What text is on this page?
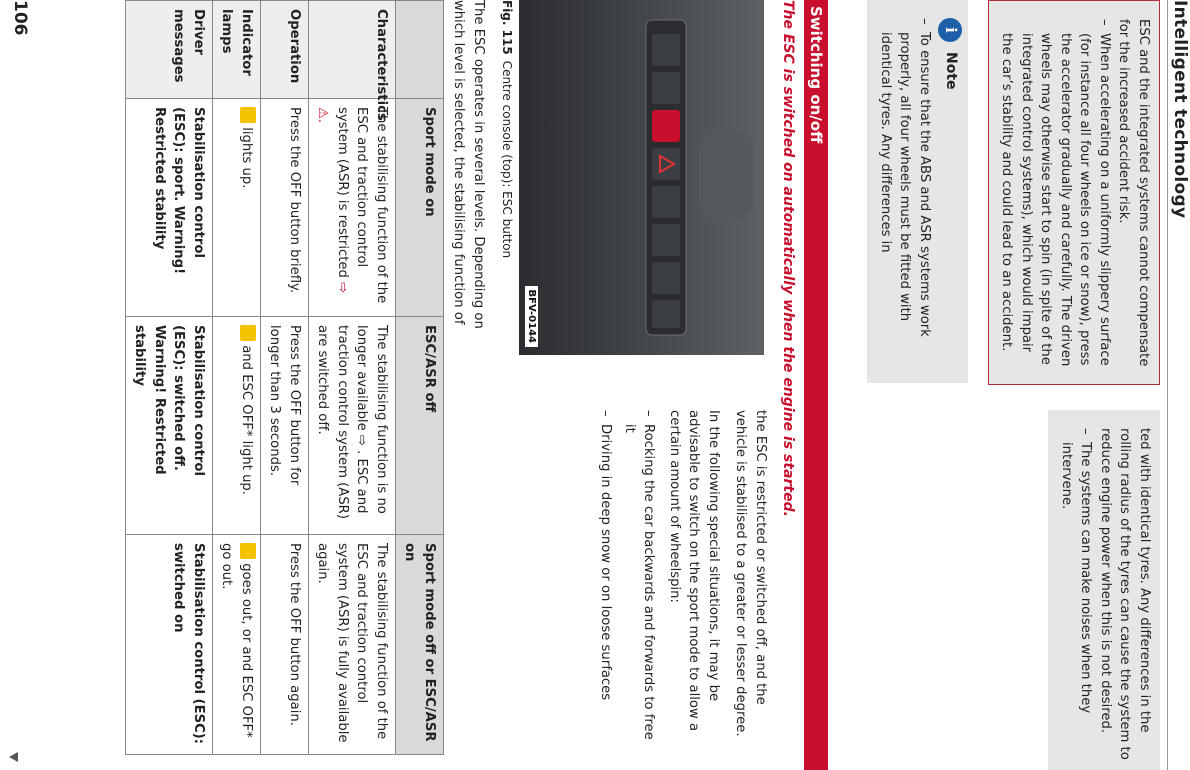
Intelligent technology

ted with identical tyres. Any differences in the rolling radius of the tyres can cause the system to reduce engine power when this is not desired.

– The systems can make noises when they intervene.

ESC and the integrated systems cannot compensate for the increased accident risk.

– When accelerating on a uniformly slippery surface (for instance all four wheels on ice or snow), press the accelerator gradually and carefully. The driven wheels may otherwise start to spin (in spite of the integrated control systems), which would impair the car’s stability and could lead to an accident.

i
Note

– To ensure that the ABS and ASR systems work properly, all four wheels must be fitted with identical tyres. Any differences in

Switching on/off
The ESC is switched on automatically when the engine is started.

the ESC is restricted or switched off, and the vehicle is stabilised to a greater or lesser degree.

In the following special situations, it may be advisable to switch on the sport mode to allow a certain amount of wheelspin:

– Rocking the car backwards and forwards to free it

– Driving in deep snow or on loose surfaces

BFV-0144
Fig. 115Centre console (top): ESC button
The ESC operates in several levels. Depending on which level is selected, the stabilising function of
	Sport mode on	ESC/ASR off	Sport mode off or ESC/ASR on
Characteristics	The stabilising function of the ESC and traction control system (ASR) is restricted ⇨ ⚠.	The stabilising function is no longer available ⇨ . ESC and traction control system (ASR) are switched off.	The stabilising function of the ESC and traction control system (ASR) is fully available again.
Operation	Press the OFF button briefly.	Press the OFF button for longer than 3 seconds.	Press the OFF button again.
Indicator lamps	lights up.	and ESC OFF* light up.	goes out, or and ESC OFF* go out.
Driver messages	Stabilisation control (ESC): sport. Warning! Restricted stability	Stabilisation control (ESC): switched off. Warning! Restricted stability	Stabilisation control (ESC): switched on
106
